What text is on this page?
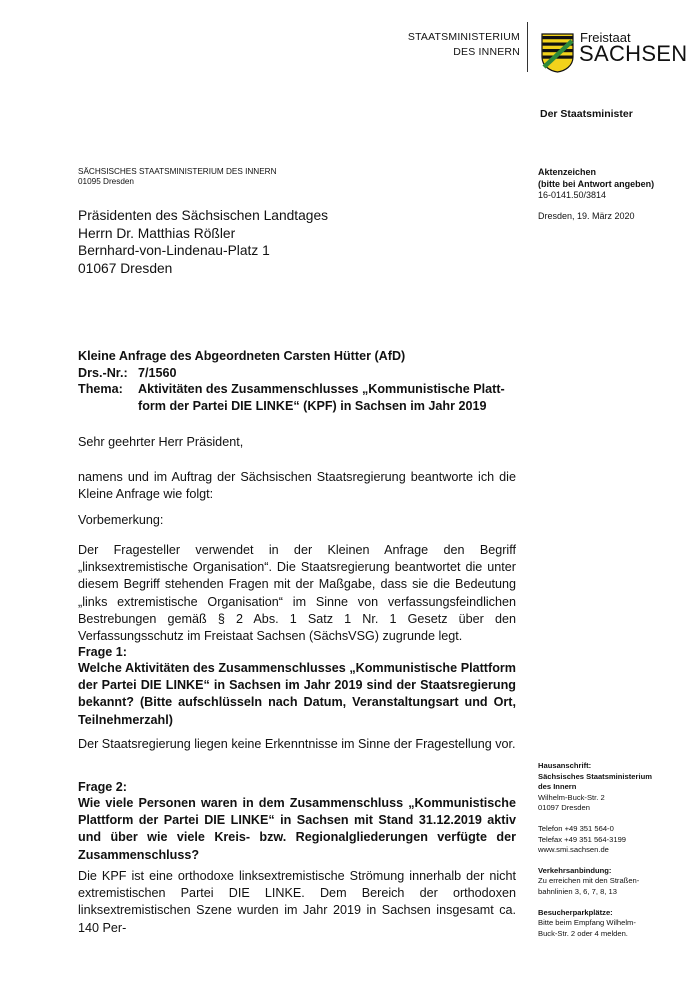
STAATSMINISTERIUM
DES INNERN
Freistaat
SACHSEN
Der Staatsminister
SÄCHSISCHES STAATSMINISTERIUM DES INNERN
01095 Dresden
Aktenzeichen
(bitte bei Antwort angeben)
16-0141.50/3814
Dresden, 19. März 2020
Präsidenten des Sächsischen Landtages
Herrn Dr. Matthias Rößler
Bernhard-von-Lindenau-Platz 1
01067 Dresden
Kleine Anfrage des Abgeordneten Carsten Hütter (AfD)
Drs.-Nr.: 7/1560
Thema:	Aktivitäten des Zusammenschlusses „Kommunistische Platt-
form der Partei DIE LINKE“ (KPF) in Sachsen im Jahr 2019
Sehr geehrter Herr Präsident,
namens und im Auftrag der Sächsischen Staatsregierung beantworte ich die Kleine Anfrage wie folgt:
Vorbemerkung:
Der Fragesteller verwendet in der Kleinen Anfrage den Begriff „linksextremistische Organisation“. Die Staatsregierung beantwortet die unter diesem Begriff stehenden Fragen mit der Maßgabe, dass sie die Bedeutung „links extremistische Organisation“ im Sinne von verfassungsfeindlichen Bestrebungen gemäß § 2 Abs. 1 Satz 1 Nr. 1 Gesetz über den Verfassungsschutz im Freistaat Sachsen (SächsVSG) zugrunde legt.
Frage 1:
Welche Aktivitäten des Zusammenschlusses „Kommunistische Plattform der Partei DIE LINKE“ in Sachsen im Jahr 2019 sind der Staatsregierung bekannt? (Bitte aufschlüsseln nach Datum, Veranstaltungsart und Ort, Teilnehmerzahl)
Der Staatsregierung liegen keine Erkenntnisse im Sinne der Fragestellung vor.
Frage 2:
Wie viele Personen waren in dem Zusammenschluss „Kommunistische Plattform der Partei DIE LINKE“ in Sachsen mit Stand 31.12.2019 aktiv und über wie viele Kreis- bzw. Regionalgliederungen verfügte der Zusammenschluss?
Die KPF ist eine orthodoxe linksextremistische Strömung innerhalb der nicht extremistischen Partei DIE LINKE. Dem Bereich der orthodoxen linksextremistischen Szene wurden im Jahr 2019 in Sachsen insgesamt ca. 140 Per-
Hausanschrift:
Sächsisches Staatsministerium
des Innern
Wilhelm-Buck-Str. 2
01097 Dresden
Telefon +49 351 564-0
Telefax +49 351 564-3199
www.smi.sachsen.de
Verkehrsanbindung:
Zu erreichen mit den Straßen-
bahnlinien 3, 6, 7, 8, 13
Besucherparkplätze:
Bitte beim Empfang Wilhelm-
Buck-Str. 2 oder 4 melden.
